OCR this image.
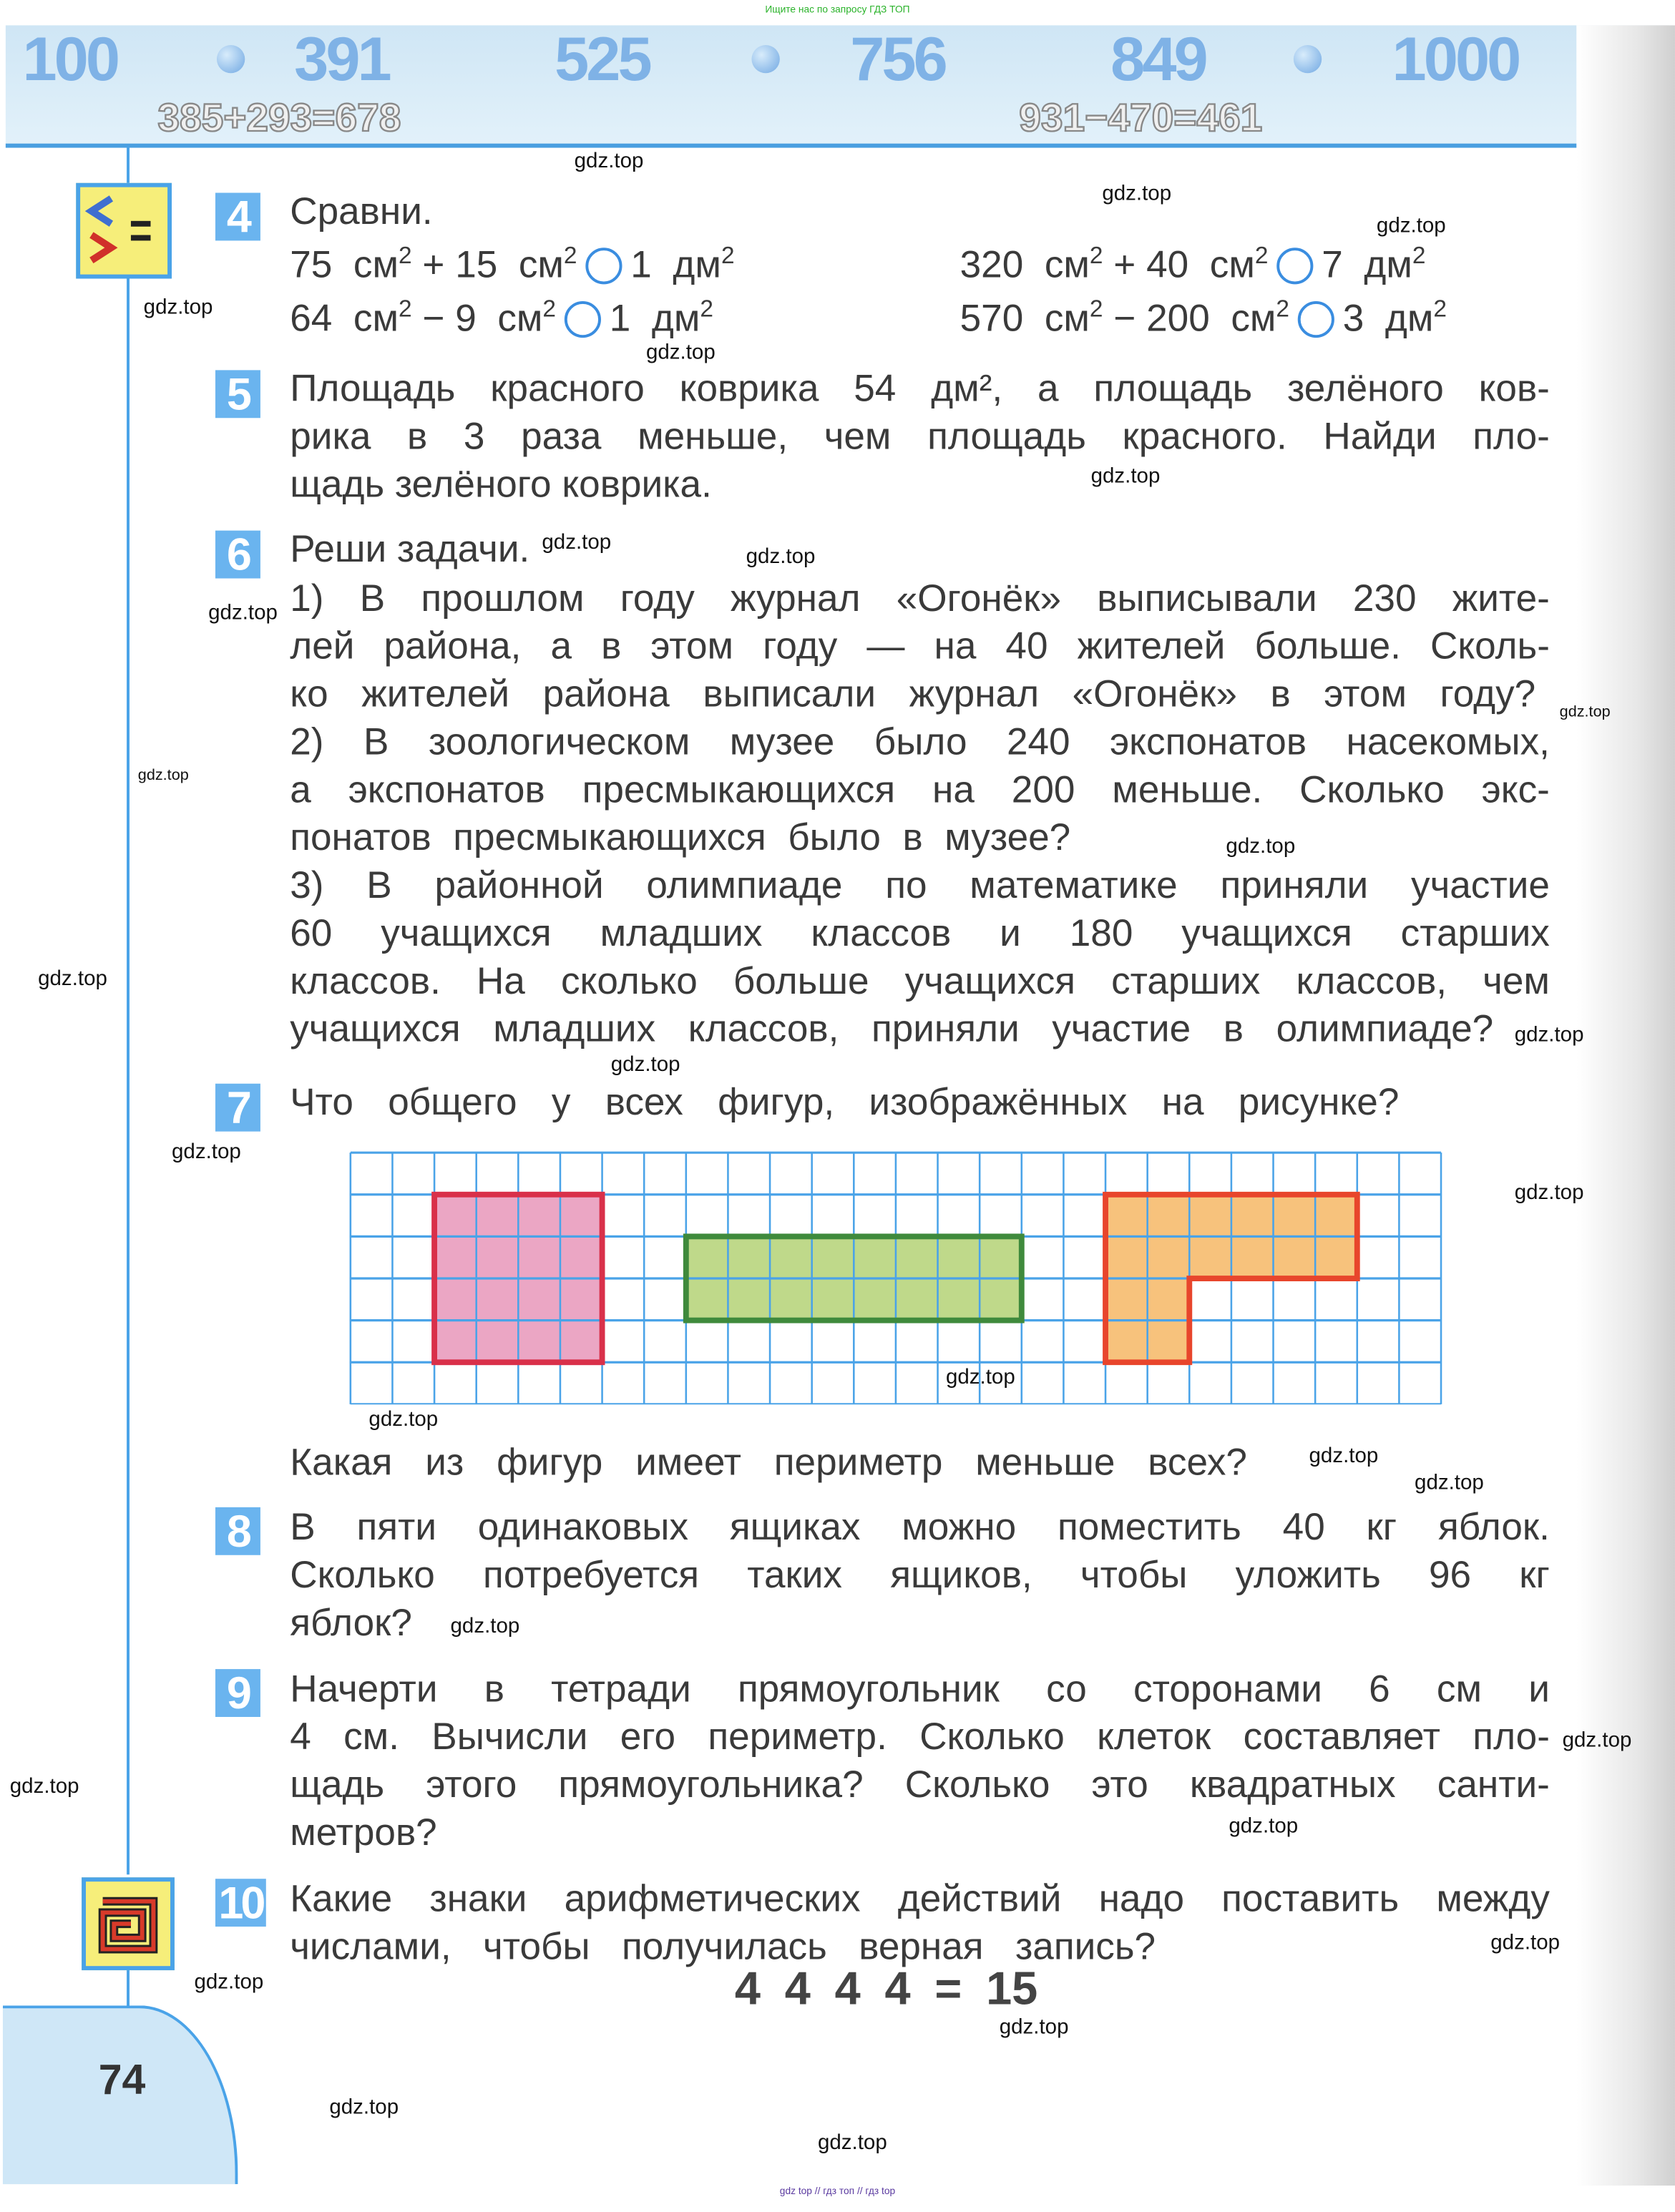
Ищите нас по запросу ГДЗ ТОП
100	391	525	756	849	1000
385+293=678	931−470=461
74
4	Сравни.
75 $см^2 + 15$ $см^2$	1 $дм^2$
64 $см^2 - 9$ $см^2$	1 $дм^2$
320 $см^2 + 40$ $см^2$	7 $дм^2$
570 $см^2 - 200$ $см^2$	3 $дм^2$
5	Площадь красного коврика 54 дм², а площадь зелёного ков-
рика в 3 раза меньше, чем площадь красного. Найди пло-
щадь зелёного коврика.
6	Реши задачи.
1) В прошлом году журнал «Огонёк» выписывали 230 жите-
лей района, а в этом году — на 40 жителей больше. Сколь-
ко жителей района выписали журнал «Огонёк» в этом году?
2) В зоологическом музее было 240 экспонатов насекомых,
а экспонатов пресмыкающихся на 200 меньше. Сколько экс-
понатов пресмыкающихся было в музее?
3) В районной олимпиаде по математике приняли участие
60 учащихся младших классов и 180 учащихся старших
классов. На сколько больше учащихся старших классов, чем
учащихся младших классов, приняли участие в олимпиаде?
7	Что общего у всех фигур, изображённых на рисунке?
Какая из фигур имеет периметр меньше всех?
8	В пяти одинаковых ящиках можно поместить 40 кг яблок.
Сколько потребуется таких ящиков, чтобы уложить 96 кг
яблок?
9	Начерти в тетради прямоугольник со сторонами 6 см и
4 см. Вычисли его периметр. Сколько клеток составляет пло-
щадь этого прямоугольника? Сколько это квадратных санти-
метров?
10 Какие знаки арифметических действий надо поставить между
числами, чтобы получилась верная запись?
4 4 4 4 = 15
gdz.top
gdz.top
gdz.top
gdz.top
gdz.top
gdz.top
gdz.top
gdz.top
gdz.top
gdz.top
gdz.top
gdz.top
gdz.top
gdz.top
gdz.top
gdz.top
gdz.top
gdz.top
gdz.top
gdz.top
gdz.top
gdz.top
gdz.top
gdz.top
gdz.top
gdz.top
gdz.top
gdz.top
gdz.top
gdz.top
gdz top // гдз топ // гдз top
